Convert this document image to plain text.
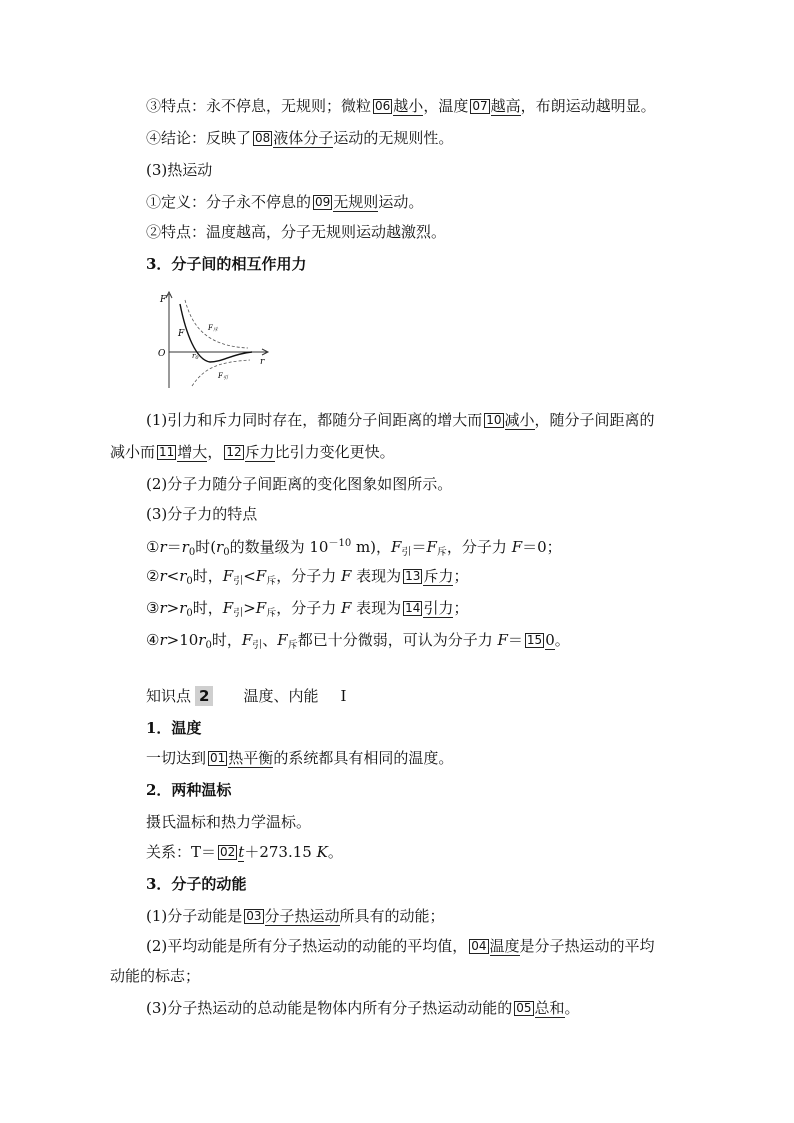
③特点：永不停息，无规则；微粒 06 越小，温度 07 越高，布朗运动越明显。
④结论：反映了 08 液体分子运动的无规则性。
(3)热运动
①定义：分子永不停息的 09 无规则运动。
②特点：温度越高，分子无规则运动越激烈。
3．分子间的相互作用力
F
O
r
r0
F
F斥
F引
(1)引力和斥力同时存在，都随分子间距离的增大而 10 减小，随分子间距离的
减小而 11 增大， 12 斥力比引力变化更快。
(2)分子力随分子间距离的变化图象如图所示。
(3)分子力的特点
$①r=r_0$时($r_0$的数量级为 $10^{-10}$ m)，$F_引=F_斥$，分子力 F＝0；
$②r<r_0$时，$F_引<F_斥$，分子力 F 表现为 13 斥力；
$③r>r_0$时，$F_引>F_斥$，分子力 F 表现为 14 引力；
$④r>10r_0$时，$F_引$、$F_斥$都已十分微弱，可认为分子力 F＝ 15 0。
知识点 2 温度、内能 Ⅰ
1．温度
一切达到 01 热平衡的系统都具有相同的温度。
2．两种温标
摄氏温标和热力学温标。
关系：T＝ 02 t＋273.15 K。
3．分子的动能
(1)分子动能是 03 分子热运动所具有的动能；
(2)平均动能是所有分子热运动的动能的平均值， 04 温度是分子热运动的平均
动能的标志；
(3)分子热运动的总动能是物体内所有分子热运动动能的 05 总和。
